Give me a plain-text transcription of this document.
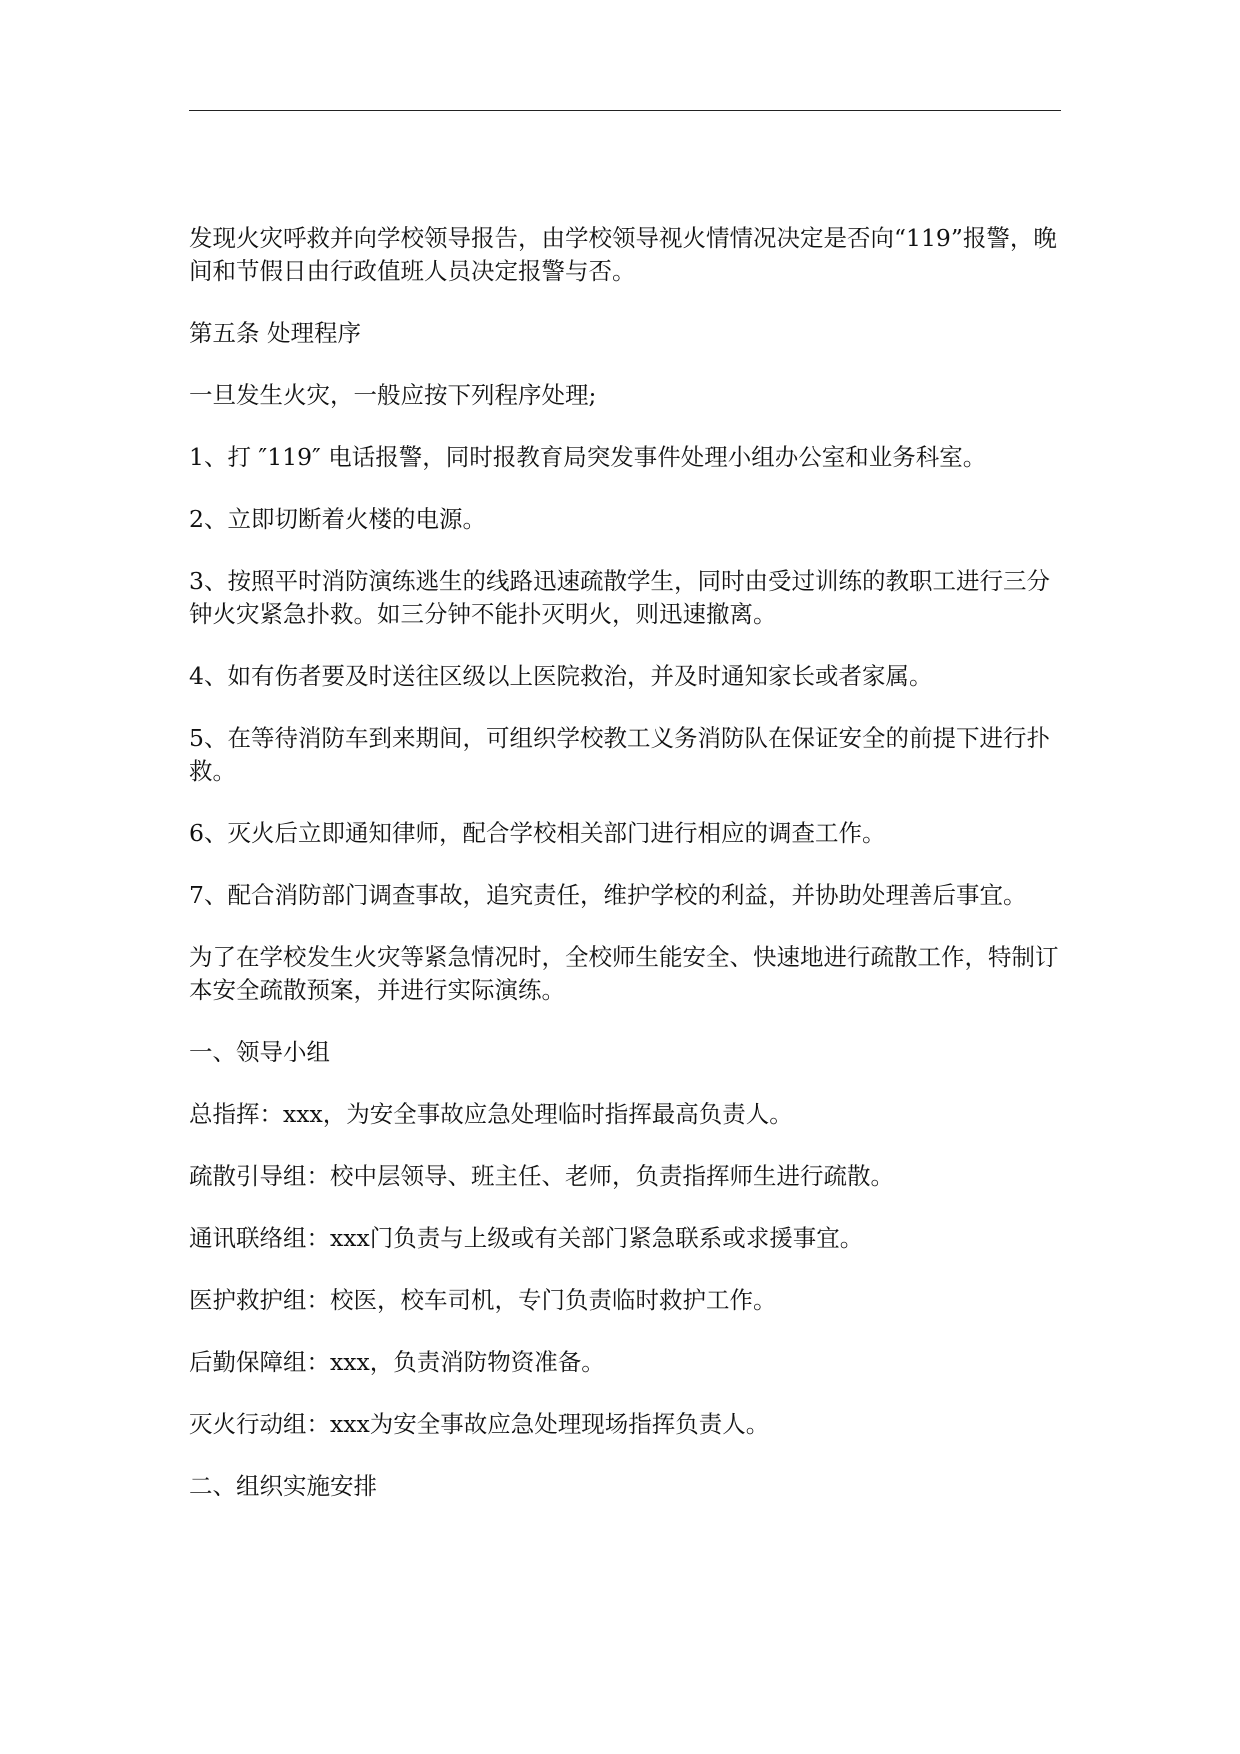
发现火灾呼救并向学校领导报告，由学校领导视火情情况决定是否向“119”报警，晚间和节假日由行政值班人员决定报警与否。

第五条 处理程序

一旦发生火灾，一般应按下列程序处理;

1、打 ″119″ 电话报警，同时报教育局突发事件处理小组办公室和业务科室。

2、立即切断着火楼的电源。

3、按照平时消防演练逃生的线路迅速疏散学生，同时由受过训练的教职工进行三分钟火灾紧急扑救。如三分钟不能扑灭明火，则迅速撤离。

4、如有伤者要及时送往区级以上医院救治，并及时通知家长或者家属。

5、在等待消防车到来期间，可组织学校教工义务消防队在保证安全的前提下进行扑救。

6、灭火后立即通知律师，配合学校相关部门进行相应的调查工作。

7、配合消防部门调查事故，追究责任，维护学校的利益，并协助处理善后事宜。

为了在学校发生火灾等紧急情况时，全校师生能安全、快速地进行疏散工作，特制订本安全疏散预案，并进行实际演练。

一、领导小组

总指挥：xxx，为安全事故应急处理临时指挥最高负责人。

疏散引导组：校中层领导、班主任、老师，负责指挥师生进行疏散。

通讯联络组：xxx门负责与上级或有关部门紧急联系或求援事宜。

医护救护组：校医，校车司机，专门负责临时救护工作。

后勤保障组：xxx，负责消防物资准备。

灭火行动组：xxx为安全事故应急处理现场指挥负责人。

二、组织实施安排
